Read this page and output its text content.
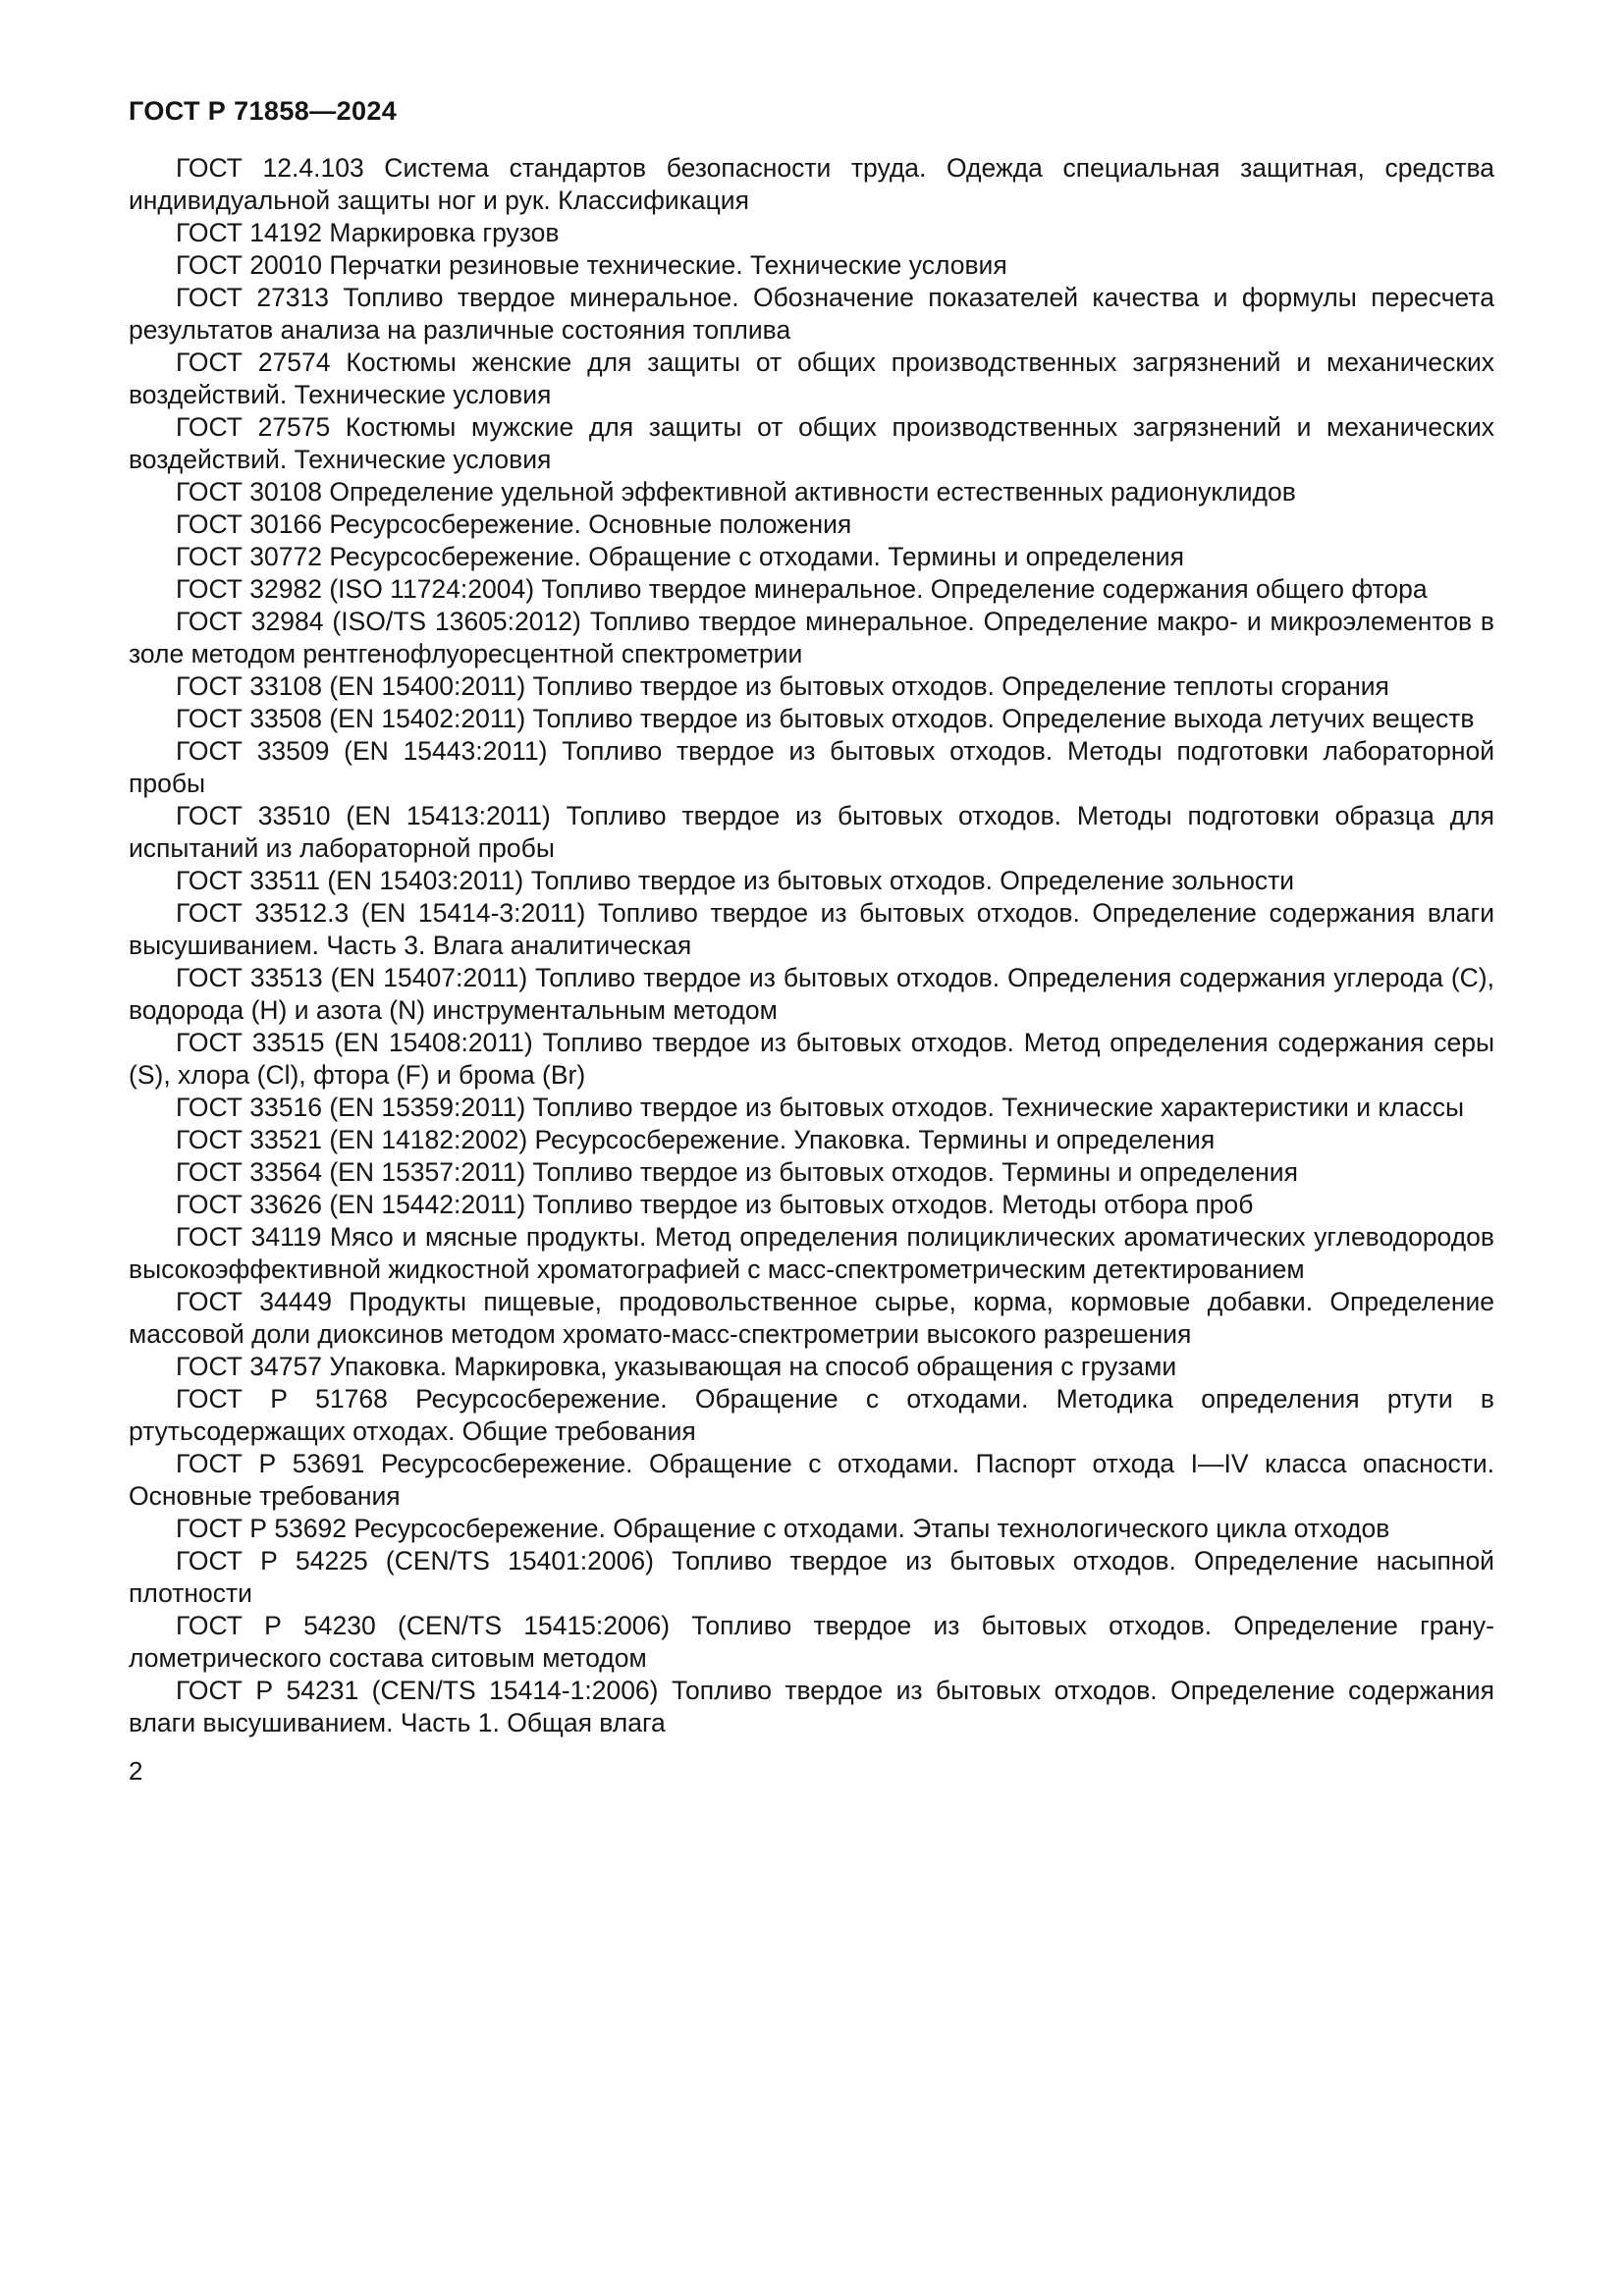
ГОСТ Р 71858—2024

ГОСТ 12.4.103 Система стандартов безопасности труда. Одежда специальная защитная, средства индивидуальной защиты ног и рук. Классификация

ГОСТ 14192 Маркировка грузов

ГОСТ 20010 Перчатки резиновые технические. Технические условия

ГОСТ 27313 Топливо твердое минеральное. Обозначение показателей качества и формулы пересчета результатов анализа на различные состояния топлива

ГОСТ 27574 Костюмы женские для защиты от общих производственных загрязнений и механических воздействий. Технические условия

ГОСТ 27575 Костюмы мужские для защиты от общих производственных загрязнений и механических воздействий. Технические условия

ГОСТ 30108 Определение удельной эффективной активности естественных радионуклидов

ГОСТ 30166 Ресурсосбережение. Основные положения

ГОСТ 30772 Ресурсосбережение. Обращение с отходами. Термины и определения

ГОСТ 32982 (ISO 11724:2004) Топливо твердое минеральное. Определение содержания общего фтора

ГОСТ 32984 (ISO/TS 13605:2012) Топливо твердое минеральное. Определение макро- и микроэлементов в золе методом рентгенофлуоресцентной спектрометрии

ГОСТ 33108 (EN 15400:2011) Топливо твердое из бытовых отходов. Определение теплоты сгорания

ГОСТ 33508 (EN 15402:2011) Топливо твердое из бытовых отходов. Определение выхода летучих веществ

ГОСТ 33509 (EN 15443:2011) Топливо твердое из бытовых отходов. Методы подготовки лабораторной пробы

ГОСТ 33510 (EN 15413:2011) Топливо твердое из бытовых отходов. Методы подготовки образца для испытаний из лабораторной пробы

ГОСТ 33511 (EN 15403:2011) Топливо твердое из бытовых отходов. Определение зольности

ГОСТ 33512.3 (EN 15414-3:2011) Топливо твердое из бытовых отходов. Определение содержания влаги высушиванием. Часть 3. Влага аналитическая

ГОСТ 33513 (EN 15407:2011) Топливо твердое из бытовых отходов. Определения содержания углерода (C), водорода (H) и азота (N) инструментальным методом

ГОСТ 33515 (EN 15408:2011) Топливо твердое из бытовых отходов. Метод определения содержания серы (S), хлора (Cl), фтора (F) и брома (Br)

ГОСТ 33516 (EN 15359:2011) Топливо твердое из бытовых отходов. Технические характеристики и классы

ГОСТ 33521 (EN 14182:2002) Ресурсосбережение. Упаковка. Термины и определения

ГОСТ 33564 (EN 15357:2011) Топливо твердое из бытовых отходов. Термины и определения

ГОСТ 33626 (EN 15442:2011) Топливо твердое из бытовых отходов. Методы отбора проб

ГОСТ 34119 Мясо и мясные продукты. Метод определения полициклических ароматических углеводородов высокоэффективной жидкостной хроматографией с масс-спектрометрическим детектированием

ГОСТ 34449 Продукты пищевые, продовольственное сырье, корма, кормовые добавки. Определение массовой доли диоксинов методом хромато-масс-спектрометрии высокого разрешения

ГОСТ 34757 Упаковка. Маркировка, указывающая на способ обращения с грузами

ГОСТ Р 51768 Ресурсосбережение. Обращение с отходами. Методика определения ртути в ртутьсодержащих отходах. Общие требования

ГОСТ Р 53691 Ресурсосбережение. Обращение с отходами. Паспорт отхода I—IV класса опасности. Основные требования

ГОСТ Р 53692 Ресурсосбережение. Обращение с отходами. Этапы технологического цикла отходов

ГОСТ Р 54225 (CEN/TS 15401:2006) Топливо твердое из бытовых отходов. Определение насыпной плотности

ГОСТ Р 54230 (CEN/TS 15415:2006) Топливо твердое из бытовых отходов. Определение гранулометрического состава ситовым методом

ГОСТ Р 54231 (CEN/TS 15414-1:2006) Топливо твердое из бытовых отходов. Определение содержания влаги высушиванием. Часть 1. Общая влага

2
